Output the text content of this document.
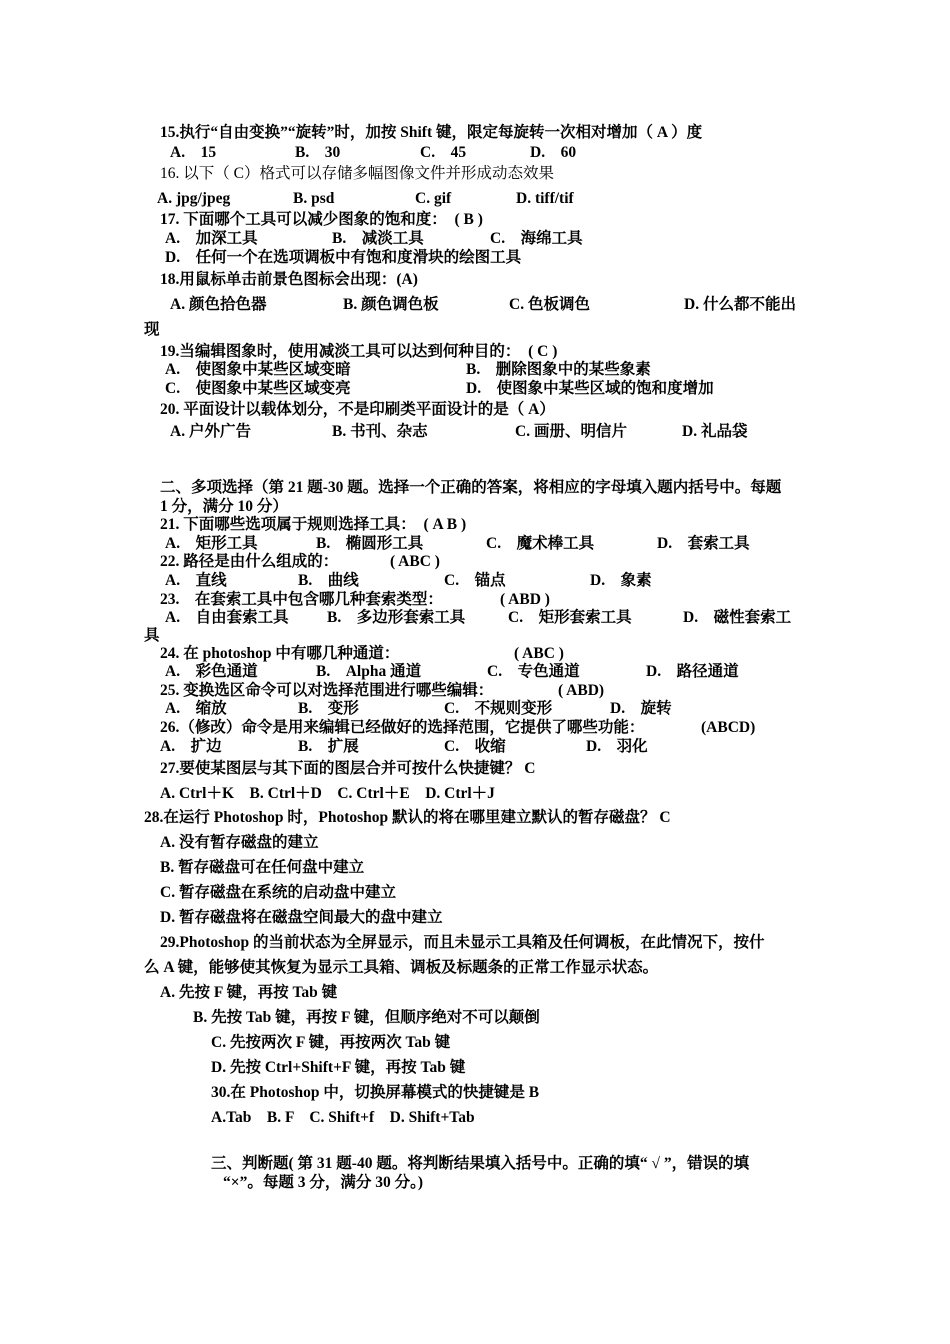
15.执行“自由变换”“旋转”时，加按 Shift 键，限定每旋转一次相对增加（ A ）度
A.　15	B.　30	C.　45	D.　60
16. 以下（ C）格式可以存储多幅图像文件并形成动态效果
A. jpg/jpeg	B. psd	C. gif	D. tiff/tif
17. 下面哪个工具可以减少图象的饱和度：　( B )
A.　加深工具	B.　减淡工具	C.　海绵工具
D.　任何一个在选项调板中有饱和度滑块的绘图工具
18.用鼠标单击前景色图标会出现：(A)
A. 颜色拾色器	B. 颜色调色板	C. 色板调色	D. 什么都不能出
现
19.当编辑图象时，使用减淡工具可以达到何种目的：　( C )
A.　使图象中某些区域变暗	B.　删除图象中的某些象素
C.　使图象中某些区域变亮	D.　使图象中某些区域的饱和度增加
20. 平面设计以载体划分，不是印刷类平面设计的是（ A）
A. 户外广告	B. 书刊、杂志	C. 画册、明信片	D. 礼品袋
二、多项选择（第 21 题-30 题。选择一个正确的答案，将相应的字母填入题内括号中。每题
1 分，满分 10 分）
21. 下面哪些选项属于规则选择工具：　( A B )
A.　矩形工具	B.　椭圆形工具	C.　魔术棒工具	D.　套索工具
22. 路径是由什么组成的：	( ABC )
A.　直线	B.　曲线	C.　锚点	D.　象素
23.　在套索工具中包含哪几种套索类型：	( ABD )
A.　自由套索工具 B.　多边形套索工具	C.　矩形套索工具	D.　磁性套索工
具
24. 在 photoshop 中有哪几种通道：	( ABC )
A.　彩色通道	B.　Alpha 通道	C.　专色通道	D.　路径通道
25. 变换选区命令可以对选择范围进行哪些编辑：	( ABD)
A.　缩放	B.　变形	C.　不规则变形	D.　旋转
26.（修改）命令是用来编辑已经做好的选择范围，它提供了哪些功能：	(ABCD)
A.　扩边	B.　扩展	C.　收缩	D.　羽化
27.要使某图层与其下面的图层合并可按什么快捷键？ C
A. Ctrl＋K　B. Ctrl＋D　C. Ctrl＋E　D. Ctrl＋J
28.在运行 Photoshop 时，Photoshop 默认的将在哪里建立默认的暂存磁盘？ C
A. 没有暂存磁盘的建立
B. 暂存磁盘可在任何盘中建立
C. 暂存磁盘在系统的启动盘中建立
D. 暂存磁盘将在磁盘空间最大的盘中建立
29.Photoshop 的当前状态为全屏显示，而且未显示工具箱及任何调板，在此情况下，按什
么 A 键，能够使其恢复为显示工具箱、调板及标题条的正常工作显示状态。
A. 先按 F 键，再按 Tab 键
B. 先按 Tab 键，再按 F 键，但顺序绝对不可以颠倒
C. 先按两次 F 键，再按两次 Tab 键
D. 先按 Ctrl+Shift+F 键，再按 Tab 键
30.在 Photoshop 中，切换屏幕模式的快捷键是 B
A.Tab　B. F　C. Shift+f　D. Shift+Tab
三、判断题( 第 31 题-40 题。将判断结果填入括号中。正确的填“ √ ”，错误的填
“×”。每题 3 分，满分 30 分。)
